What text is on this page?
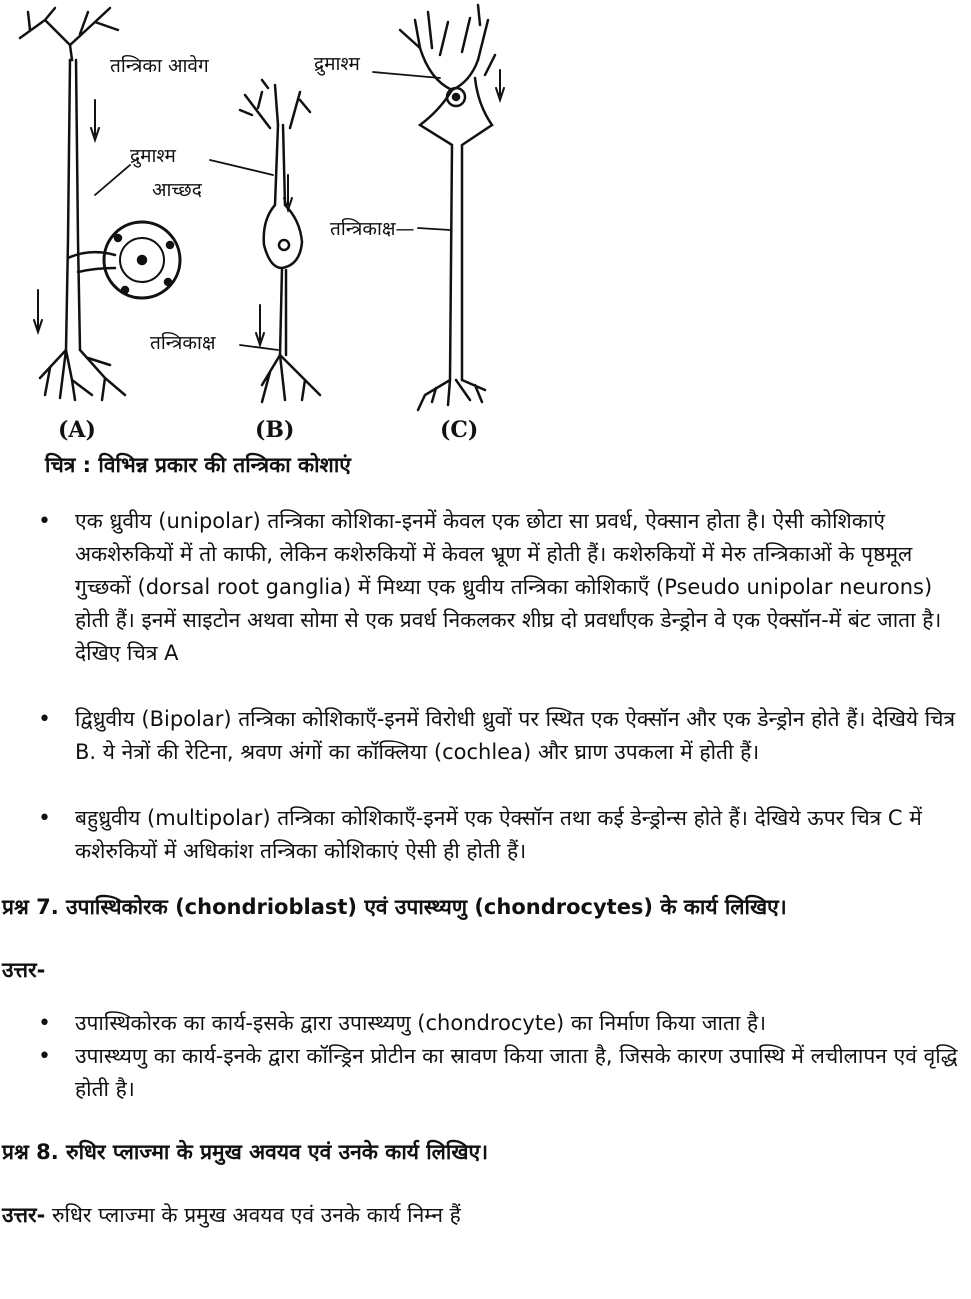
तन्त्रिका आवेग
द्रुमाश्म
आच्छद
तन्त्रिकाक्ष
द्रुमाश्म
तन्त्रिकाक्ष—
(A)	(B)	(C)
चित्र : विभिन्न प्रकार की तन्त्रिका कोशाएं
• एक ध्रुवीय (unipolar) तन्त्रिका कोशिका-इनमें केवल एक छोटा सा प्रवर्ध, ऐक्सान होता है। ऐसी कोशिकाएं अकशेरुकियों में तो काफी, लेकिन कशेरुकियों में केवल भ्रूण में होती हैं। कशेरुकियों में मेरु तन्त्रिकाओं के पृष्ठमूल गुच्छकों (dorsal root ganglia) में मिथ्या एक ध्रुवीय तन्त्रिका कोशिकाएँ (Pseudo unipolar neurons) होती हैं। इनमें साइटोन अथवा सोमा से एक प्रवर्ध निकलकर शीघ्र दो प्रवर्धांएक डेन्ड्रोन वे एक ऐक्सॉन-में बंट जाता है। देखिए चित्र A
• द्विध्रुवीय (Bipolar) तन्त्रिका कोशिकाएँ-इनमें विरोधी ध्रुवों पर स्थित एक ऐक्सॉन और एक डेन्ड्रोन होते हैं। देखिये चित्र B. ये नेत्रों की रेटिना, श्रवण अंगों का कॉक्लिया (cochlea) और घ्राण उपकला में होती हैं।
• बहुध्रुवीय (multipolar) तन्त्रिका कोशिकाएँ-इनमें एक ऐक्सॉन तथा कई डेन्ड्रोन्स होते हैं। देखिये ऊपर चित्र C में कशेरुकियों में अधिकांश तन्त्रिका कोशिकाएं ऐसी ही होती हैं।
प्रश्न 7. उपास्थिकोरक (chondrioblast) एवं उपास्थ्यणु (chondrocytes) के कार्य लिखिए।
उत्तर-
• उपास्थिकोरक का कार्य-इसके द्वारा उपास्थ्यणु (chondrocyte) का निर्माण किया जाता है।
• उपास्थ्यणु का कार्य-इनके द्वारा कॉन्ड्रिन प्रोटीन का स्रावण किया जाता है, जिसके कारण उपास्थि में लचीलापन एवं वृद्धि होती है।
प्रश्न 8. रुधिर प्लाज्मा के प्रमुख अवयव एवं उनके कार्य लिखिए।
उत्तर- रुधिर प्लाज्मा के प्रमुख अवयव एवं उनके कार्य निम्न हैं
